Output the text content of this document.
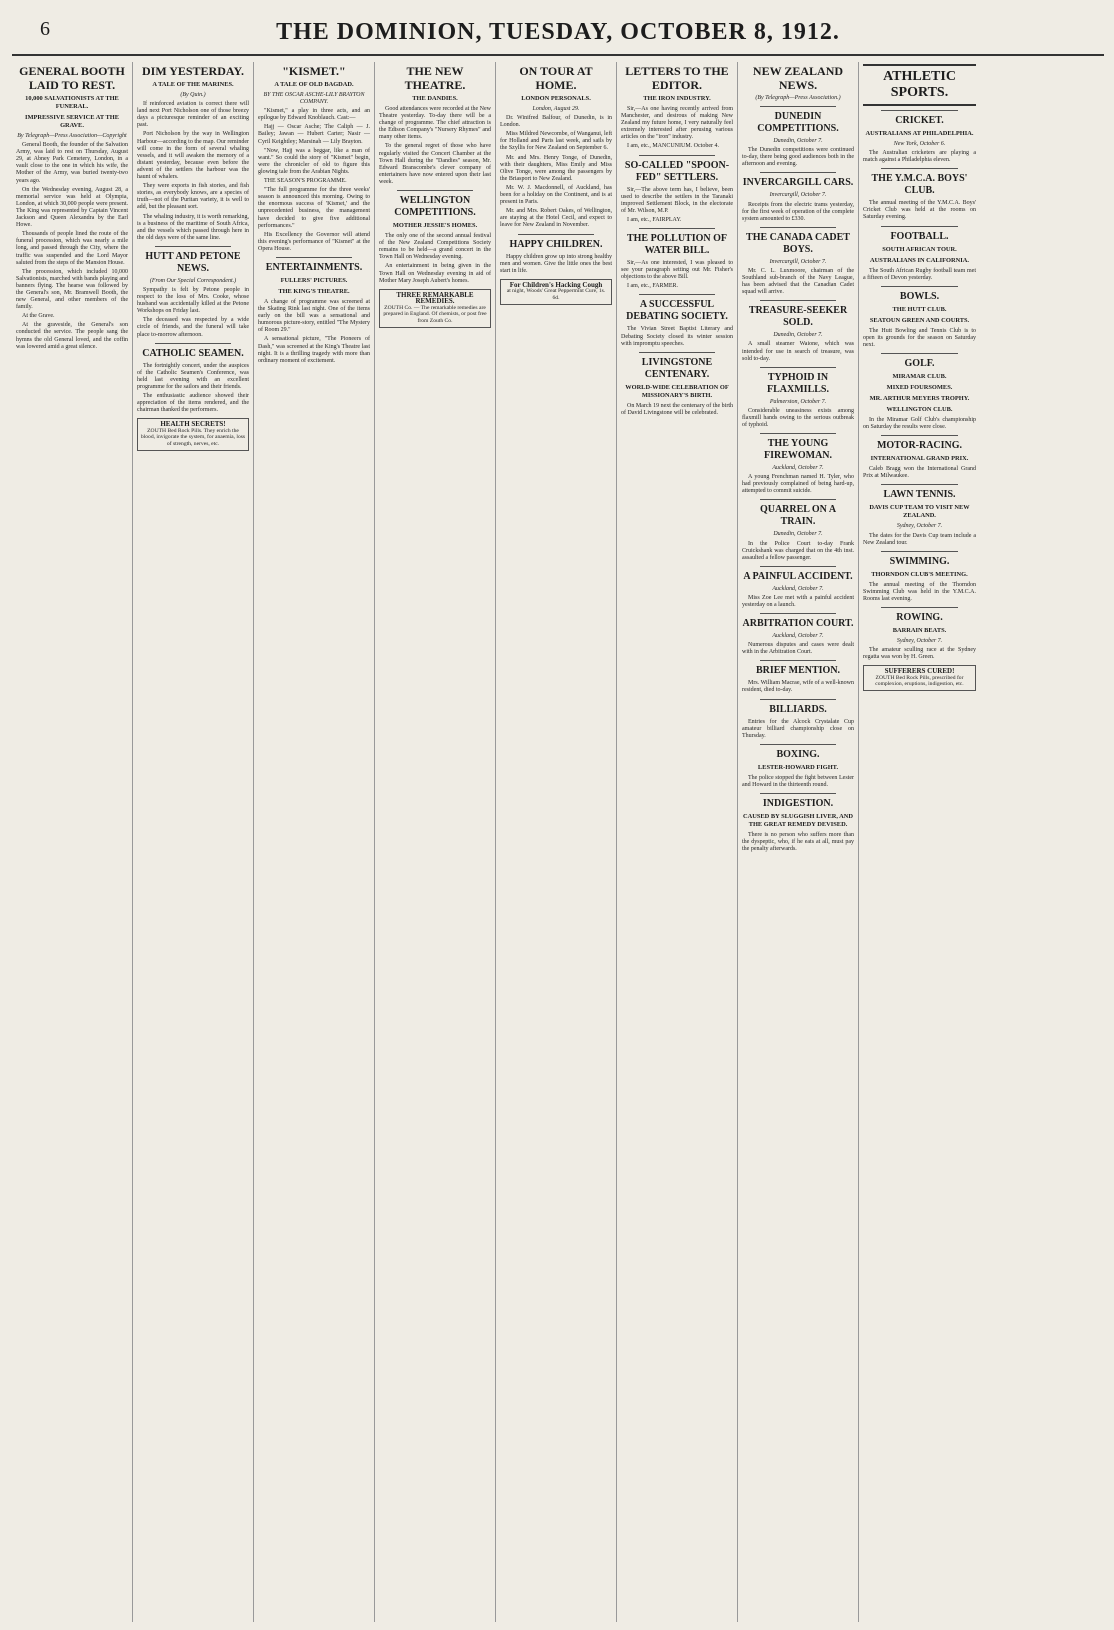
6	THE DOMINION, TUESDAY, OCTOBER 8, 1912.
GENERAL BOOTH LAID TO REST.
10,000 SALVATIONISTS AT THE FUNERAL.
IMPRESSIVE SERVICE AT THE GRAVE.
By Telegraph—Press Association—Copyright

General Booth, the founder of the Salvation Army, was laid to rest on Thursday, August 29, at Abney Park Cemetery, London, in a vault close to the one in which his wife, the Mother of the Army, was buried twenty-two years ago.

On the Wednesday evening, August 28, a memorial service was held at Olympia, London, at which 30,000 people were present. The King was represented by Captain Vincent Jackson and Queen Alexandra by the Earl Howe.

Thousands of people lined the route of the funeral procession, which was nearly a mile long, and passed through the City, where the traffic was suspended and the Lord Mayor saluted from the steps of the Mansion House.

The procession, which included 10,000 Salvationists, marched with bands playing and banners flying. The hearse was followed by the General's son, Mr. Bramwell Booth, the new General, and other members of the family.

At the Grave.

At the graveside, the General's son conducted the service. The people sang the hymns the old General loved, and the coffin was lowered amid a great silence.

DIM YESTERDAY.
A TALE OF THE MARINES.
(By Quin.)

If reinforced aviation is correct there will land next Port Nicholson one of those breezy days a picturesque reminder of an exciting past.

Port Nicholson by the way in Wellington Harbour—according to the map. Our reminder will come in the form of several whaling vessels, and it will awaken the memory of a distant yesterday, because even before the advent of the settlers the harbour was the haunt of whalers.

They were exports in fish stories, and fish stories, as everybody knows, are a species of truth—not of the Puritan variety, it is well to add, but the pleasant sort.

The whaling industry, it is worth remarking, is a business of the maritime of South Africa, and the vessels which passed through here in the old days were of the same line.

HUTT AND PETONE NEWS.
(From Our Special Correspondent.)

Sympathy is felt by Petone people in respect to the loss of Mrs. Cooke, whose husband was accidentally killed at the Petone Workshops on Friday last.

The deceased was respected by a wide circle of friends, and the funeral will take place to-morrow afternoon.

CATHOLIC SEAMEN.

The fortnightly concert, under the auspices of the Catholic Seamen's Conference, was held last evening with an excellent programme for the sailors and their friends.

The enthusiastic audience showed their appreciation of the items rendered, and the chairman thanked the performers.

HEALTH SECRETS!
ZOUTH Bed Rock Pills. They enrich the blood, invigorate the system, for anaemia, loss of strength, nerves, etc.
"KISMET."
A TALE OF OLD BAGDAD.
BY THE OSCAR ASCHE-LILY BRAYTON COMPANY.

"Kismet," a play in three acts, and an epilogue by Edward Knoblauch. Cast:—

Hajj — Oscar Asche; The Caliph — J. Bailey; Jawan — Hubert Carter; Nasir — Cyril Keightley; Marsinah — Lily Brayton.

"Now, Hajj was a beggar, like a man of want." So could the story of "Kismet" begin, were the chronicler of old to figure this glowing tale from the Arabian Nights.

THE SEASON'S PROGRAMME.

"The full programme for the three weeks' season is announced this morning. Owing to the enormous success of 'Kismet,' and the unprecedented business, the management have decided to give five additional performances."

His Excellency the Governor will attend this evening's performance of "Kismet" at the Opera House.

ENTERTAINMENTS.
FULLERS' PICTURES.
THE KING'S THEATRE.

A change of programme was screened at the Skating Rink last night. One of the items early on the bill was a sensational and humorous picture-story, entitled "The Mystery of Room 29."

A sensational picture, "The Pioneers of Dash," was screened at the King's Theatre last night. It is a thrilling tragedy with more than ordinary moment of excitement.

THE NEW THEATRE.
THE DANDIES.

Good attendances were recorded at the New Theatre yesterday. To-day there will be a change of programme. The chief attraction is the Edison Company's "Nursery Rhymes" and many other items.

To the general regret of those who have regularly visited the Concert Chamber at the Town Hall during the "Dandies" season, Mr. Edward Branscombe's clever company of entertainers have now entered upon their last week.

WELLINGTON COMPETITIONS.
MOTHER JESSIE'S HOMES.

The only one of the second annual festival of the New Zealand Competitions Society remains to be held—a grand concert in the Town Hall on Wednesday evening.

An entertainment in being given in the Town Hall on Wednesday evening in aid of Mother Mary Joseph Aubert's homes.

THREE REMARKABLE REMEDIES.
ZOUTH Co. — The remarkable remedies are prepared in England. Of chemists, or post free from Zouth Co.
ON TOUR AT HOME.
LONDON PERSONALS.
London, August 29.

Dr. Winifred Balfour, of Dunedin, is in London.

Miss Mildred Newcombe, of Wanganui, left for Holland and Paris last week, and sails by the Szyllis for New Zealand on September 6.

Mr. and Mrs. Henry Tonge, of Dunedin, with their daughters, Miss Emily and Miss Olive Tonge, were among the passengers by the Briasport to New Zealand.

Mr. W. J. Macdonnell, of Auckland, has been for a holiday on the Continent, and is at present in Paris.

Mr. and Mrs. Robert Oakes, of Wellington, are staying at the Hotel Cecil, and expect to leave for New Zealand in November.

HAPPY CHILDREN.

Happy children grow up into strong healthy men and women. Give the little ones the best start in life.

For Children's Hacking Cough
at night, Woods' Great Peppermint Cure, 1s. 6d.
LETTERS TO THE EDITOR.
THE IRON INDUSTRY.

Sir,—As one having recently arrived from Manchester, and desirous of making New Zealand my future home, I very naturally feel extremely interested after perusing various articles on the "iron" industry.

I am, etc., MANCUNIUM. October 4.

SO-CALLED "SPOON-FED" SETTLERS.

Sir,—The above term has, I believe, been used to describe the settlers in the Taranaki improved Settlement Block, in the electorate of Mr. Wilson, M.P.

I am, etc., FAIRPLAY.

THE POLLUTION OF WATER BILL.

Sir,—As one interested, I was pleased to see your paragraph setting out Mr. Fisher's objections to the above Bill.

I am, etc., FARMER.

A SUCCESSFUL DEBATING SOCIETY.

The Vivian Street Baptist Literary and Debating Society closed its winter session with impromptu speeches.

LIVINGSTONE CENTENARY.
WORLD-WIDE CELEBRATION OF MISSIONARY'S BIRTH.

On March 19 next the centenary of the birth of David Livingstone will be celebrated.

NEW ZEALAND NEWS.
(By Telegraph—Press Association.)
DUNEDIN COMPETITIONS.
Dunedin, October 7.

The Dunedin competitions were continued to-day, there being good audiences both in the afternoon and evening.

INVERCARGILL CARS.
Invercargill, October 7.

Receipts from the electric trams yesterday, for the first week of operation of the complete system amounted to £330.

THE CANADA CADET BOYS.
Invercargill, October 7.

Mr. C. L. Luxmoore, chairman of the Southland sub-branch of the Navy League, has been advised that the Canadian Cadet squad will arrive.

TREASURE-SEEKER SOLD.
Dunedin, October 7.

A small steamer Waione, which was intended for use in search of treasure, was sold to-day.

TYPHOID IN FLAXMILLS.
Palmerston, October 7.

Considerable uneasiness exists among flaxmill hands owing to the serious outbreak of typhoid.

THE YOUNG FIREWOMAN.
Auckland, October 7.

A young Frenchman named H. Tyler, who had previously complained of being hard-up, attempted to commit suicide.

QUARREL ON A TRAIN.
Dunedin, October 7.

In the Police Court to-day Frank Cruickshank was charged that on the 4th inst. assaulted a fellow passenger.

A PAINFUL ACCIDENT.
Auckland, October 7.

Miss Zoe Lee met with a painful accident yesterday on a launch.

ARBITRATION COURT.
Auckland, October 7.

Numerous disputes and cases were dealt with in the Arbitration Court.

BRIEF MENTION.

Mrs. William Macrae, wife of a well-known resident, died to-day.

BILLIARDS.

Entries for the Alcock Crystalate Cup amateur billiard championship close on Thursday.

BOXING.
LESTER-HOWARD FIGHT.

The police stopped the fight between Lester and Howard in the thirteenth round.

INDIGESTION.
CAUSED BY SLUGGISH LIVER, AND THE GREAT REMEDY DEVISED.

There is no person who suffers more than the dyspeptic, who, if he eats at all, must pay the penalty afterwards.

ATHLETIC SPORTS.
CRICKET.
AUSTRALIANS AT PHILADELPHIA.
New York, October 6.

The Australian cricketers are playing a match against a Philadelphia eleven.

THE Y.M.C.A. BOYS' CLUB.

The annual meeting of the Y.M.C.A. Boys' Cricket Club was held at the rooms on Saturday evening.

FOOTBALL.
SOUTH AFRICAN TOUR.
AUSTRALIANS IN CALIFORNIA.

The South African Rugby football team met a fifteen of Devon yesterday.

BOWLS.
THE HUTT CLUB.
SEATOUN GREEN AND COURTS.

The Hutt Bowling and Tennis Club is to open its grounds for the season on Saturday next.

GOLF.
MIRAMAR CLUB.
MIXED FOURSOMES.
MR. ARTHUR MEYERS TROPHY.
WELLINGTON CLUB.

In the Miramar Golf Club's championship on Saturday the results were close.

MOTOR-RACING.
INTERNATIONAL GRAND PRIX.

Caleb Bragg won the International Grand Prix at Milwaukee.

LAWN TENNIS.
DAVIS CUP TEAM TO VISIT NEW ZEALAND.
Sydney, October 7.

The dates for the Davis Cup team include a New Zealand tour.

SWIMMING.
THORNDON CLUB'S MEETING.

The annual meeting of the Thorndon Swimming Club was held in the Y.M.C.A. Rooms last evening.

ROWING.
BARRAIN BEATS.
Sydney, October 7.

The amateur sculling race at the Sydney regatta was won by H. Green.

SUFFERERS CURED!
ZOUTH Bed Rock Pills, prescribed for complexion, eruptions, indigestion, etc.
